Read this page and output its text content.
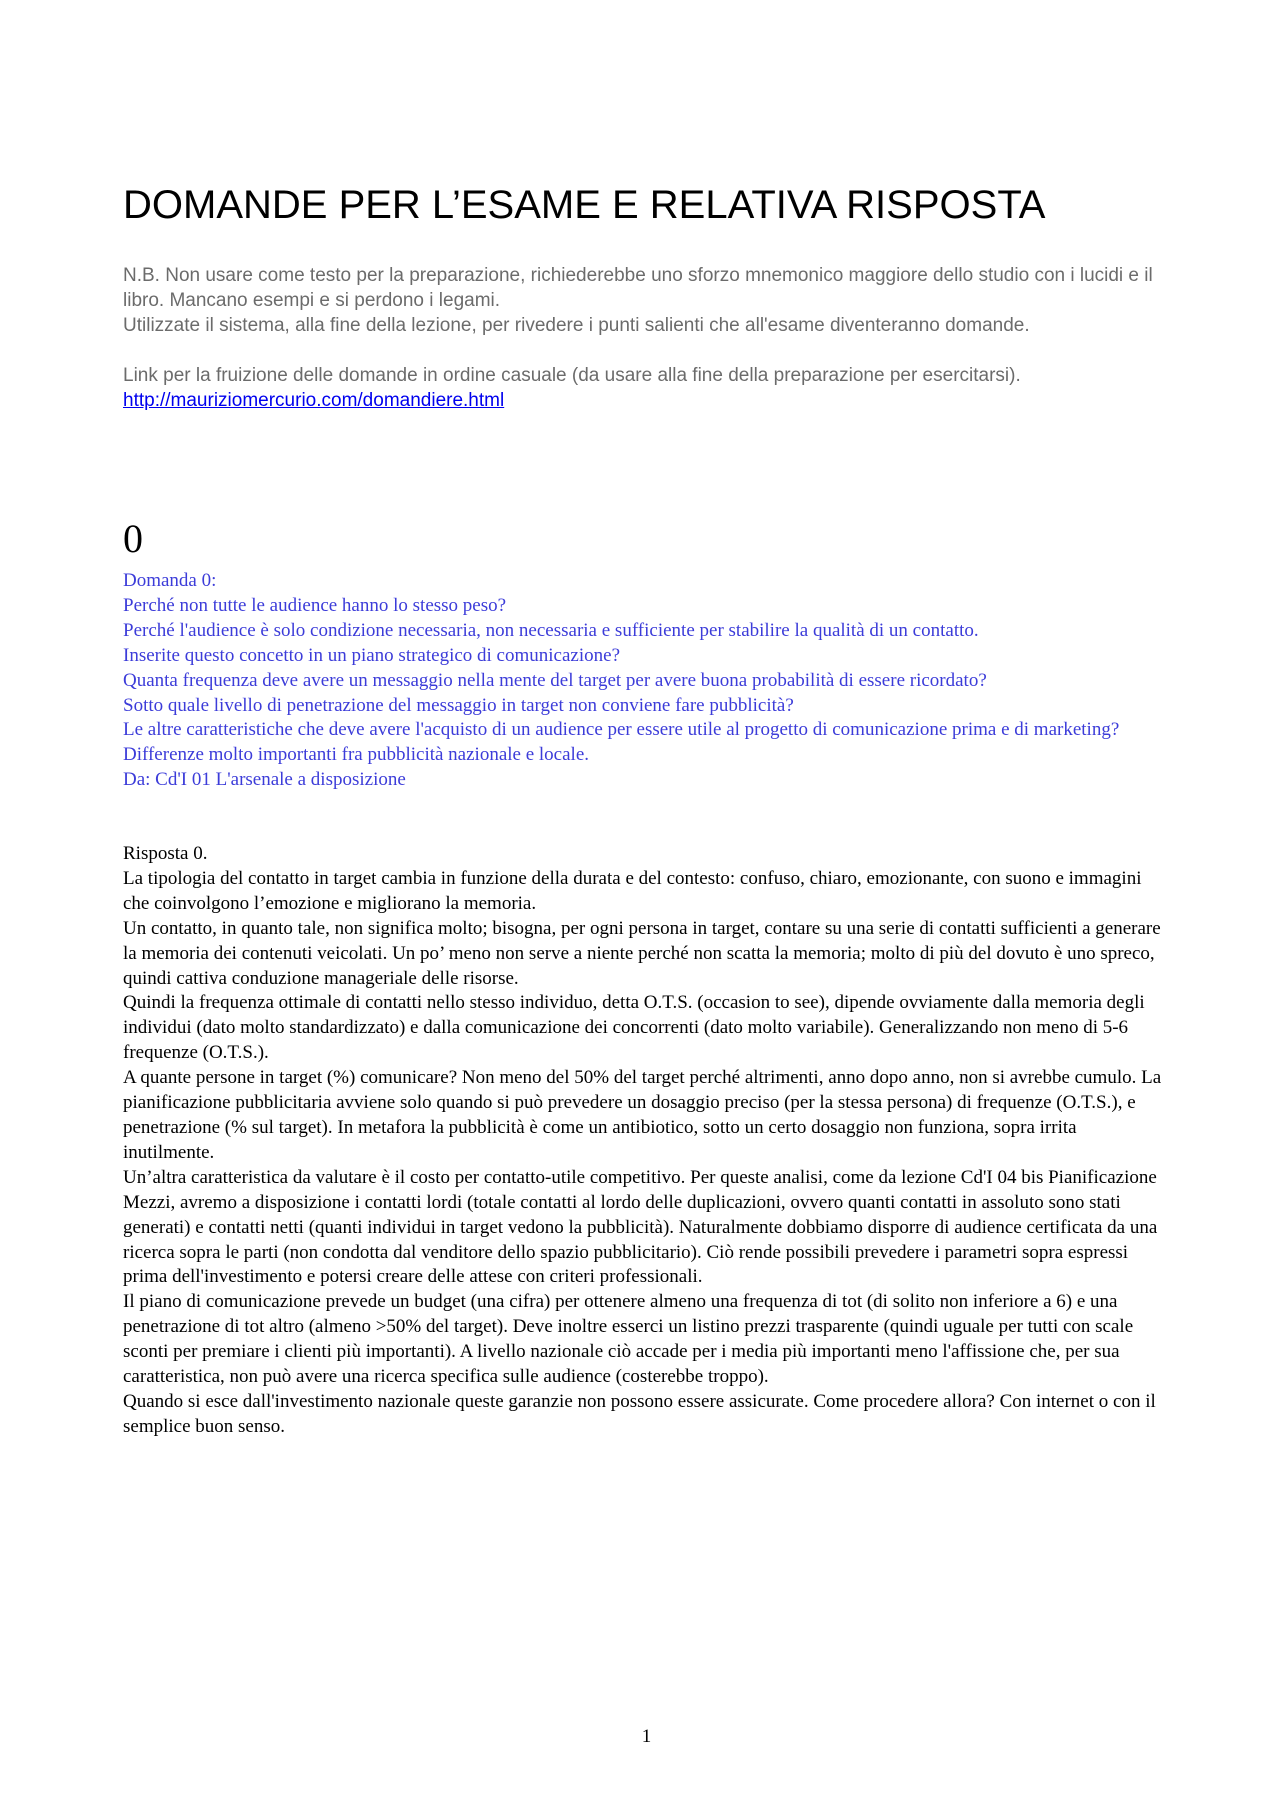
DOMANDE PER L’ESAME E RELATIVA RISPOSTA

N.B. Non usare come testo per la preparazione, richiederebbe uno sforzo mnemonico maggiore dello studio con i lucidi e il libro. Mancano esempi e si perdono i legami.

Utilizzate il sistema, alla fine della lezione, per rivedere i punti salienti che all'esame diventeranno domande.

Link per la fruizione delle domande in ordine casuale (da usare alla fine della preparazione per esercitarsi).

http://mauriziomercurio.com/domandiere.html

0
Domanda 0:
Perché non tutte le audience hanno lo stesso peso?
Perché l'audience è solo condizione necessaria, non necessaria e sufficiente per stabilire la qualità di un contatto.
Inserite questo concetto in un piano strategico di comunicazione?
Quanta frequenza deve avere un messaggio nella mente del target per avere buona probabilità di essere ricordato?
Sotto quale livello di penetrazione del messaggio in target non conviene fare pubblicità?
Le altre caratteristiche che deve avere l'acquisto di un audience per essere utile al progetto di comunicazione prima e di marketing?
Differenze molto importanti fra pubblicità nazionale e locale.
Da: Cd'I 01 L'arsenale a disposizione
Risposta 0.
La tipologia del contatto in target cambia in funzione della durata e del contesto: confuso, chiaro, emozionante, con suono e immagini che coinvolgono l’emozione e migliorano la memoria.
Un contatto, in quanto tale, non significa molto; bisogna, per ogni persona in target, contare su una serie di contatti sufficienti a generare la memoria dei contenuti veicolati. Un po’ meno non serve a niente perché non scatta la memoria; molto di più del dovuto è uno spreco, quindi cattiva conduzione manageriale delle risorse.
Quindi la frequenza ottimale di contatti nello stesso individuo, detta O.T.S. (occasion to see), dipende ovviamente dalla memoria degli individui (dato molto standardizzato) e dalla comunicazione dei concorrenti (dato molto variabile). Generalizzando non meno di 5-6 frequenze (O.T.S.).
A quante persone in target (%) comunicare? Non meno del 50% del target perché altrimenti, anno dopo anno, non si avrebbe cumulo. La pianificazione pubblicitaria avviene solo quando si può prevedere un dosaggio preciso (per la stessa persona) di frequenze (O.T.S.), e penetrazione (% sul target). In metafora la pubblicità è come un antibiotico, sotto un certo dosaggio non funziona, sopra irrita inutilmente.
Un’altra caratteristica da valutare è il costo per contatto-utile competitivo. Per queste analisi, come da lezione Cd'I 04 bis Pianificazione Mezzi, avremo a disposizione i contatti lordi (totale contatti al lordo delle duplicazioni, ovvero quanti contatti in assoluto sono stati generati) e contatti netti (quanti individui in target vedono la pubblicità). Naturalmente dobbiamo disporre di audience certificata da una ricerca sopra le parti (non condotta dal venditore dello spazio pubblicitario). Ciò rende possibili prevedere i parametri sopra espressi prima dell'investimento e potersi creare delle attese con criteri professionali.
Il piano di comunicazione prevede un budget (una cifra) per ottenere almeno una frequenza di tot (di solito non inferiore a 6) e una penetrazione di tot altro (almeno >50% del target). Deve inoltre esserci un listino prezzi trasparente (quindi uguale per tutti con scale sconti per premiare i clienti più importanti). A livello nazionale ciò accade per i media più importanti meno l'affissione che, per sua caratteristica, non può avere una ricerca specifica sulle audience (costerebbe troppo).
Quando si esce dall'investimento nazionale queste garanzie non possono essere assicurate. Come procedere allora? Con internet o con il semplice buon senso.
1
